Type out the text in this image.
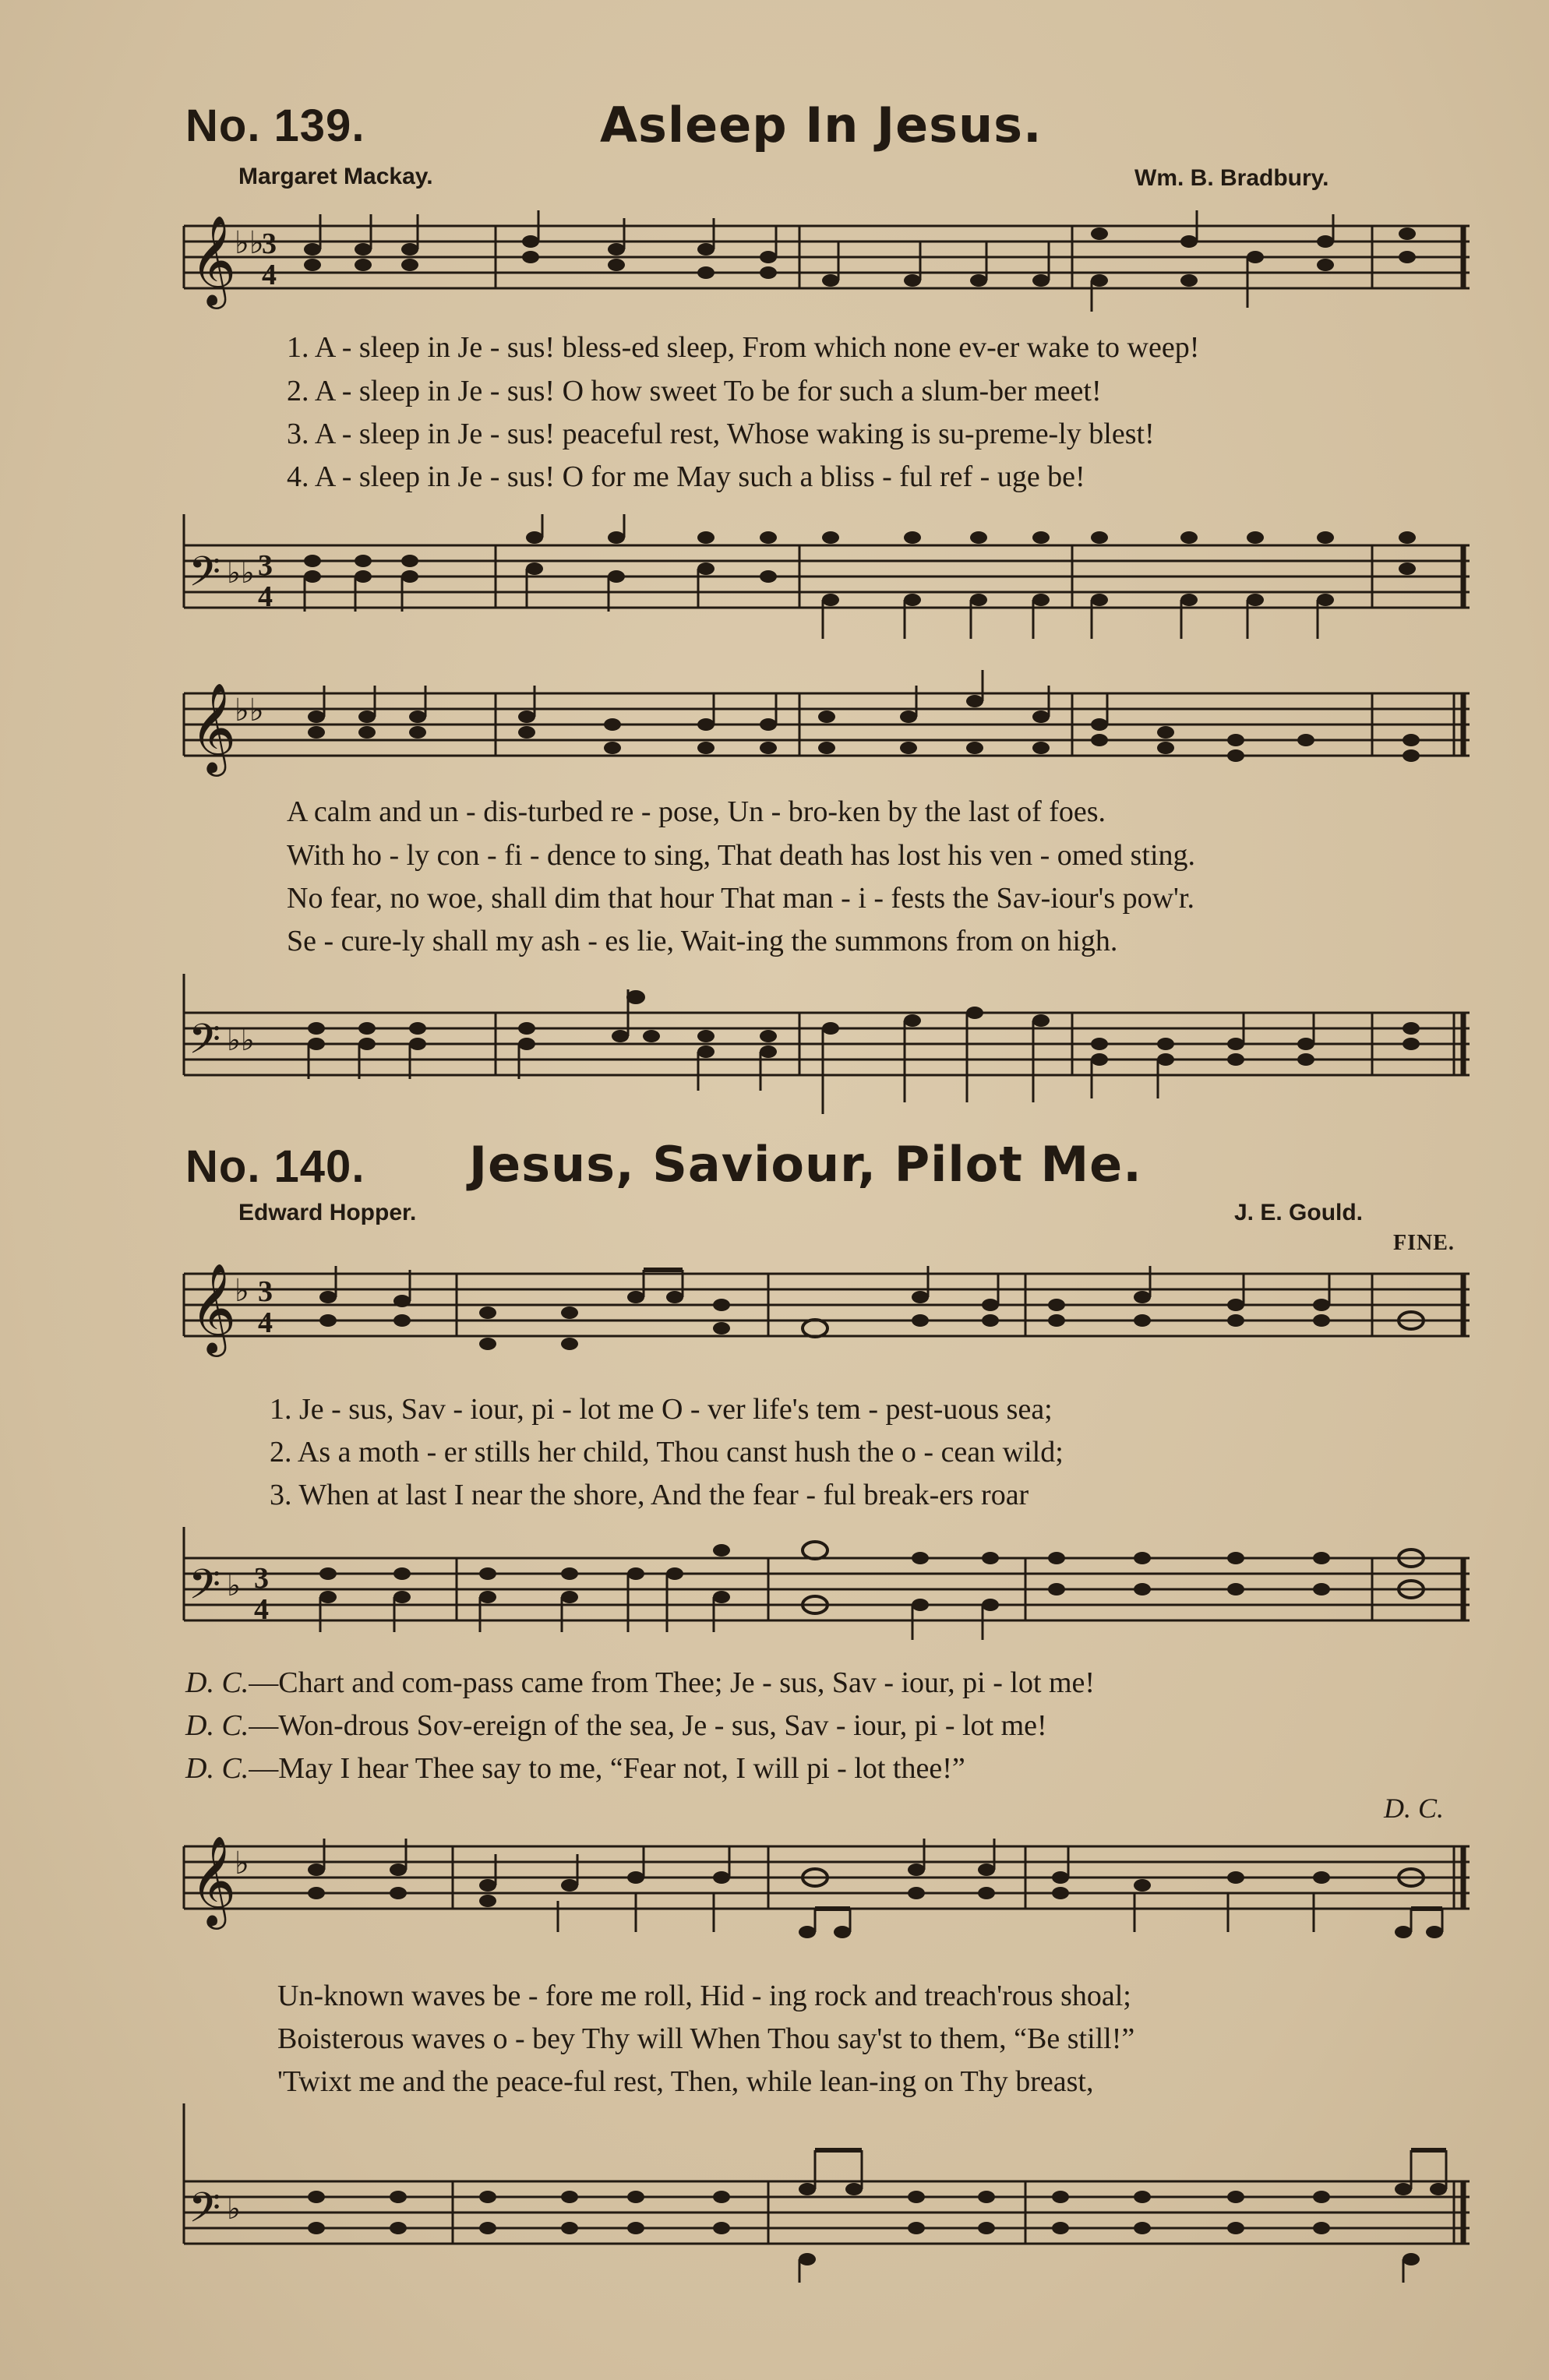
No. 139.	Asleep In Jesus.
Margaret Mackay.	Wm. B. Bradbury.
𝄞
♭♭
3
4
1. A - sleep in Je - sus! bless-ed sleep, From which none ev-er wake to weep!
2. A - sleep in Je - sus! O how sweet To be for such a slum-ber meet!
3. A - sleep in Je - sus! peaceful rest, Whose waking is su-preme-ly blest!
4. A - sleep in Je - sus! O for me May such a bliss - ful ref - uge be!
𝄢 ♭♭ 3
4
𝄞
♭♭
A calm and un - dis-turbed re - pose, Un - bro-ken by the last of foes.
With ho - ly con - fi - dence to sing, That death has lost his ven - omed sting.
No fear, no woe, shall dim that hour That man - i - fests the Sav-iour's pow'r.
Se - cure-ly shall my ash - es lie, Wait-ing the summons from on high.
𝄢 ♭♭
No. 140. Jesus, Saviour, Pilot Me.
Edward Hopper.	J. E. Gould.
FINE.
𝄞
♭ 3
4
1. Je - sus, Sav - iour, pi - lot me O - ver life's tem - pest-uous sea;
2. As a moth - er stills her child, Thou canst hush the o - cean wild;
3. When at last I near the shore, And the fear - ful break-ers roar
𝄢 ♭ 3
4
D. C. —Chart and com-pass came from Thee; Je - sus, Sav - iour, pi - lot me!
D. C. —Won-drous Sov-ereign of the sea, Je - sus, Sav - iour, pi - lot me!
D. C. —May I hear Thee say to me, “Fear not, I will pi - lot thee!”
D. C.
𝄞
♭
Un-known waves be - fore me roll, Hid - ing rock and treach'rous shoal;
Boisterous waves o - bey Thy will When Thou say'st to them, “Be still!”
'Twixt me and the peace-ful rest, Then, while lean-ing on Thy breast,
𝄢 ♭
